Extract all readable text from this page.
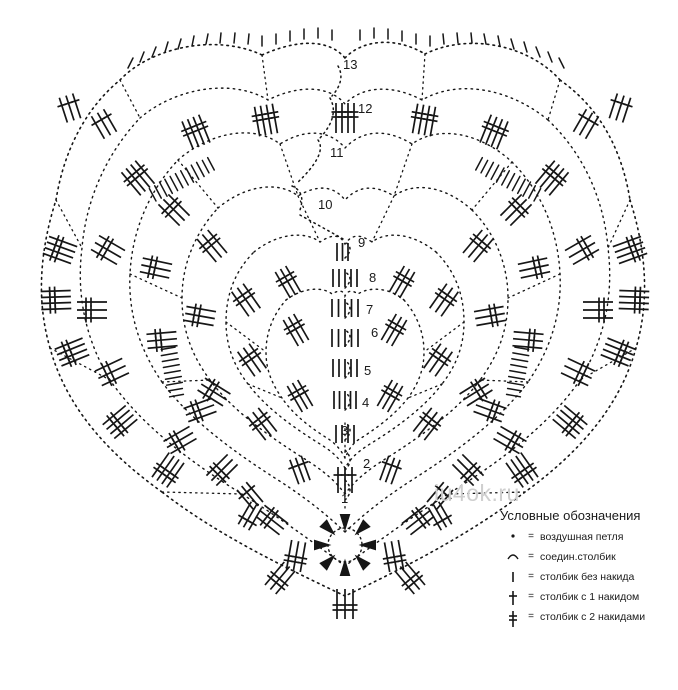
13
12
11
10
9
8
7
6
5
4
3
2
1	iu4ok.ru
Условные обозначения
= воздушная петля
= соедин.столбик
= столбик без накида
= столбик с 1 накидом
= столбик с 2 накидами
